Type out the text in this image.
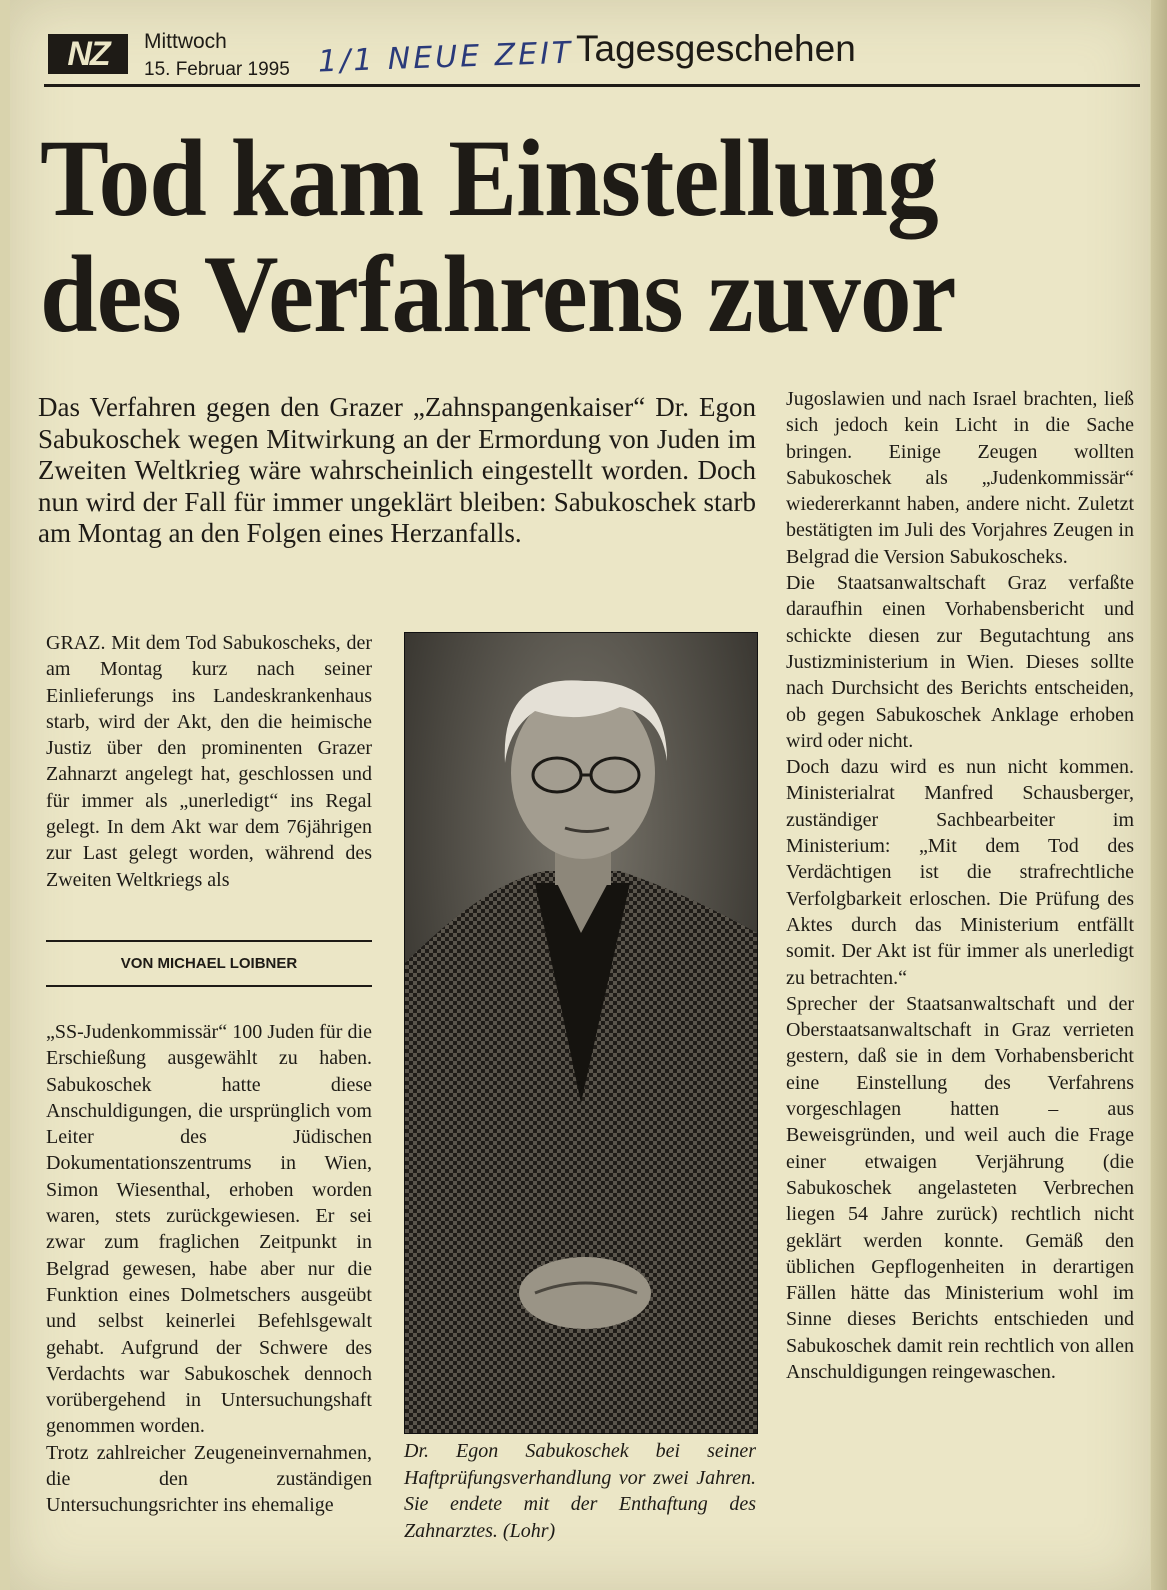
NZ	Mittwoch
15. Februar 1995 1/1 NEUE ZEIT Tagesgeschehen
Tod kam Einstellung
des Verfahrens zuvor
Das Verfahren gegen den Grazer „Zahnspangenkaiser“ Dr. Egon Sabukoschek wegen Mitwirkung an der Ermordung von Juden im Zweiten Weltkrieg wäre wahrscheinlich eingestellt worden. Doch nun wird der Fall für immer ungeklärt bleiben: Sabukoschek starb am Montag an den Folgen eines Herzanfalls.

GRAZ. Mit dem Tod Sabukoscheks, der am Montag kurz nach seiner Einlieferungs ins Landeskrankenhaus starb, wird der Akt, den die heimische Justiz über den prominenten Grazer Zahnarzt angelegt hat, geschlossen und für immer als „unerledigt“ ins Regal gelegt. In dem Akt war dem 76jährigen zur Last gelegt worden, während des Zweiten Weltkriegs als

VON MICHAEL LOIBNER

„SS-Judenkommissär“ 100 Juden für die Erschießung ausgewählt zu haben. Sabukoschek hatte diese Anschuldigungen, die ursprünglich vom Leiter des Jüdischen Dokumentationszentrums in Wien, Simon Wiesenthal, erhoben worden waren, stets zurückgewiesen. Er sei zwar zum fraglichen Zeitpunkt in Belgrad gewesen, habe aber nur die Funktion eines Dolmetschers ausgeübt und selbst keinerlei Befehlsgewalt gehabt. Aufgrund der Schwere des Verdachts war Sabukoschek dennoch vorübergehend in Untersuchungshaft genommen worden.

Trotz zahlreicher Zeugeneinvernahmen, die den zuständigen Untersuchungsrichter ins ehemalige

Dr. Egon Sabukoschek bei seiner Haftprüfungsverhandlung vor zwei Jahren. Sie endete mit der Enthaftung des Zahnarztes. (Lohr)

Jugoslawien und nach Israel brachten, ließ sich jedoch kein Licht in die Sache bringen. Einige Zeugen wollten Sabukoschek als „Judenkommissär“ wiedererkannt haben, andere nicht. Zuletzt bestätigten im Juli des Vorjahres Zeugen in Belgrad die Version Sabukoscheks.

Die Staatsanwaltschaft Graz verfaßte daraufhin einen Vorhabensbericht und schickte diesen zur Begutachtung ans Justizministerium in Wien. Dieses sollte nach Durchsicht des Berichts entscheiden, ob gegen Sabukoschek Anklage erhoben wird oder nicht.

Doch dazu wird es nun nicht kommen. Ministerialrat Manfred Schausberger, zuständiger Sachbearbeiter im Ministerium: „Mit dem Tod des Verdächtigen ist die strafrechtliche Verfolgbarkeit erloschen. Die Prüfung des Aktes durch das Ministerium entfällt somit. Der Akt ist für immer als unerledigt zu betrachten.“

Sprecher der Staatsanwaltschaft und der Oberstaatsanwaltschaft in Graz verrieten gestern, daß sie in dem Vorhabensbericht eine Einstellung des Verfahrens vorgeschlagen hatten – aus Beweisgründen, und weil auch die Frage einer etwaigen Verjährung (die Sabukoschek angelasteten Verbrechen liegen 54 Jahre zurück) rechtlich nicht geklärt werden konnte. Gemäß den üblichen Gepflogenheiten in derartigen Fällen hätte das Ministerium wohl im Sinne dieses Berichts entschieden und Sabukoschek damit rein rechtlich von allen Anschuldigungen reingewaschen.
